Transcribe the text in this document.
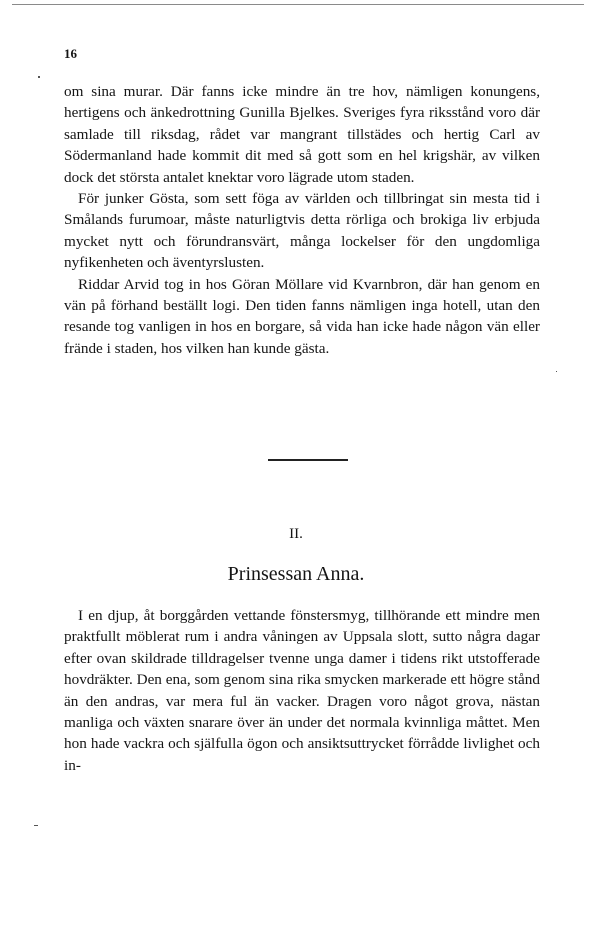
16

om sina murar. Där fanns icke mindre än tre hov, nämligen konungens, hertigens och änkedrottning Gunilla Bjelkes. Sveriges fyra riksstånd voro där samlade till riksdag, rådet var mangrant tillstädes och hertig Carl av Södermanland hade kommit dit med så gott som en hel krigshär, av vilken dock det största antalet knektar voro lägrade utom staden.

För junker Gösta, som sett föga av världen och tillbringat sin mesta tid i Smålands furumoar, måste naturligtvis detta rörliga och brokiga liv erbjuda mycket nytt och förundransvärt, många lockelser för den ungdomliga nyfikenheten och äventyrslusten.

Riddar Arvid tog in hos Göran Möllare vid Kvarnbron, där han genom en vän på förhand beställt logi. Den tiden fanns nämligen inga hotell, utan den resande tog vanligen in hos en borgare, så vida han icke hade någon vän eller frände i staden, hos vilken han kunde gästa.

II.
Prinsessan Anna.

I en djup, åt borggården vettande fönstersmyg, tillhörande ett mindre men praktfullt möblerat rum i andra våningen av Uppsala slott, sutto några dagar efter ovan skildrade tilldragelser tvenne unga damer i tidens rikt utstofferade hovdräkter. Den ena, som genom sina rika smycken markerade ett högre stånd än den andras, var mera ful än vacker. Dragen voro något grova, nästan manliga och växten snarare över än under det normala kvinnliga måttet. Men hon hade vackra och själfulla ögon och ansiktsuttrycket förrådde livlighet och in-
